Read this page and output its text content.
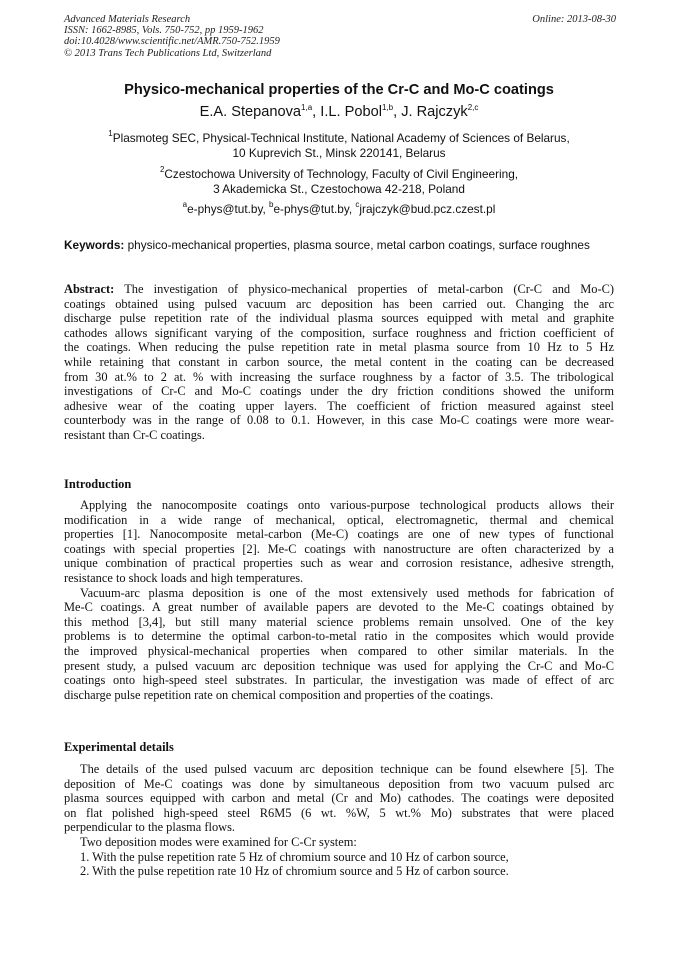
Advanced Materials Research
ISSN: 1662-8985, Vols. 750-752, pp 1959-1962
doi:10.4028/www.scientific.net/AMR.750-752.1959
© 2013 Trans Tech Publications Ltd, Switzerland
Online: 2013-08-30
Physico-mechanical properties of the Cr-C and Mo-C coatings
E.A. Stepanova$^{1,a}$, I.L. Pobol$^{1,b}$, J. Rajczyk$^{2,c}$
$^1$Plasmoteg SEC, Physical-Technical Institute, National Academy of Sciences of Belarus,
10 Kuprevich St., Minsk 220141, Belarus
$^2$Czestochowa University of Technology, Faculty of Civil Engineering,
3 Akademicka St., Czestochowa 42-218, Poland
$^a$e-phys@tut.by, $^b$e-phys@tut.by, $^c$jrajczyk@bud.pcz.czest.pl
Keywords: physico-mechanical properties, plasma source, metal carbon coatings, surface roughnes
Abstract: The investigation of physico-mechanical properties of metal-carbon (Cr-C and Mo-C)
coatings obtained using pulsed vacuum arc deposition has been carried out. Changing the arc
discharge pulse repetition rate of the individual plasma sources equipped with metal and graphite
cathodes allows significant varying of the composition, surface roughness and friction coefficient of
the coatings. When reducing the pulse repetition rate in metal plasma source from 10 Hz to 5 Hz
while retaining that constant in carbon source, the metal content in the coating can be decreased
from 30 at.% to 2 at. % with increasing the surface roughness by a factor of 3.5. The tribological
investigations of Cr-C and Mo-C coatings under the dry friction conditions showed the uniform
adhesive wear of the coating upper layers. The coefficient of friction measured against steel
counterbody was in the range of 0.08 to 0.1. However, in this case Mo-C coatings were more wear-
resistant than Cr-C coatings.
Introduction
Applying the nanocomposite coatings onto various-purpose technological products allows their
modification in a wide range of mechanical, optical, electromagnetic, thermal and chemical
properties [1]. Nanocomposite metal-carbon (Me-C) coatings are one of new types of functional
coatings with special properties [2]. Me-C coatings with nanostructure are often characterized by a
unique combination of practical properties such as wear and corrosion resistance, adhesive strength,
resistance to shock loads and high temperatures.
Vacuum-arc plasma deposition is one of the most extensively used methods for fabrication of
Me-C coatings. A great number of available papers are devoted to the Me-C coatings obtained by
this method [3,4], but still many material science problems remain unsolved. One of the key
problems is to determine the optimal carbon-to-metal ratio in the composites which would provide
the improved physical-mechanical properties when compared to other similar materials. In the
present study, a pulsed vacuum arc deposition technique was used for applying the Cr-C and Mo-C
coatings onto high-speed steel substrates. In particular, the investigation was made of effect of arc
discharge pulse repetition rate on chemical composition and properties of the coatings.
Experimental details
The details of the used pulsed vacuum arc deposition technique can be found elsewhere [5]. The
deposition of Me-C coatings was done by simultaneous deposition from two vacuum pulsed arc
plasma sources equipped with carbon and metal (Cr and Mo) cathodes. The coatings were deposited
on flat polished high-speed steel R6M5 (6 wt. %W, 5 wt.% Mo) substrates that were placed
perpendicular to the plasma flows.
Two deposition modes were examined for C-Cr system:
1. With the pulse repetition rate 5 Hz of chromium source and 10 Hz of carbon source,
2. With the pulse repetition rate 10 Hz of chromium source and 5 Hz of carbon source.
